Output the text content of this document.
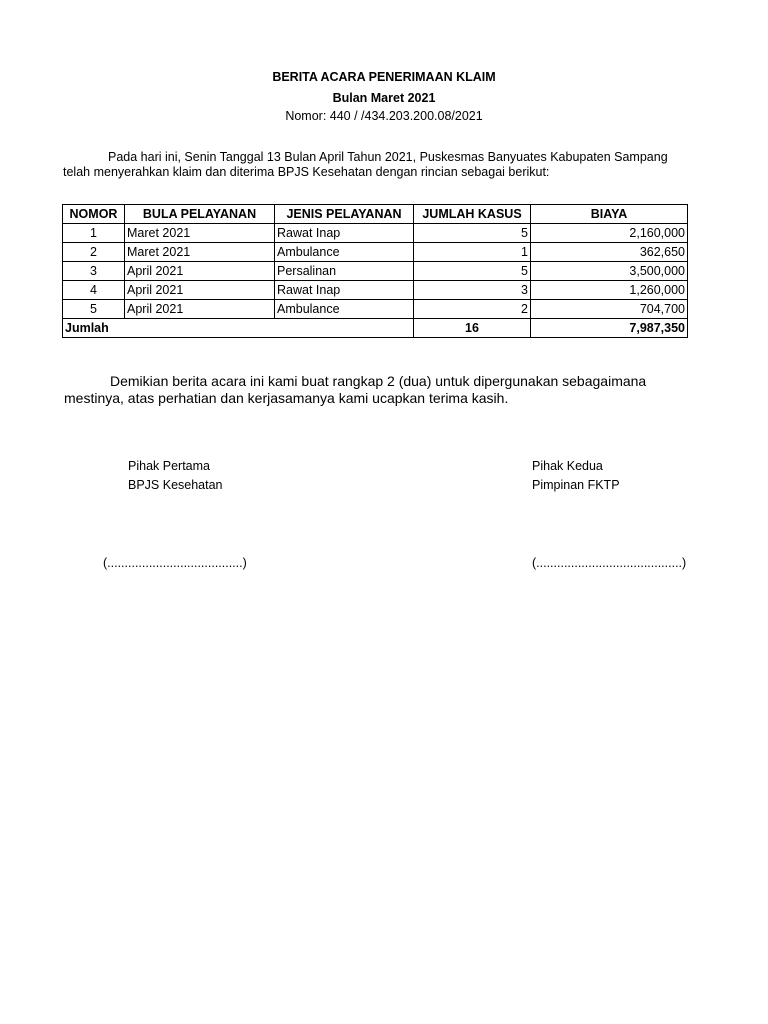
BERITA ACARA PENERIMAAN KLAIM
Bulan Maret 2021
Nomor: 440 / /434.203.200.08/2021
Pada hari ini, Senin Tanggal 13 Bulan April Tahun 2021, Puskesmas Banyuates Kabupaten Sampang
telah menyerahkan klaim dan diterima BPJS Kesehatan dengan rincian sebagai berikut:
NOMOR	BULA PELAYANAN	JENIS PELAYANAN	JUMLAH KASUS	BIAYA
1	Maret 2021	Rawat Inap	5	2,160,000
2	Maret 2021	Ambulance	1	362,650
3	April 2021	Persalinan	5	3,500,000
4	April 2021	Rawat Inap	3	1,260,000
5	April 2021	Ambulance	2	704,700
Jumlah			16	7,987,350
Demikian berita acara ini kami buat rangkap 2 (dua) untuk dipergunakan sebagaimana
mestinya, atas perhatian dan kerjasamanya kami ucapkan terima kasih.
Pihak Pertama
BPJS Kesehatan
Pihak Kedua
Pimpinan FKTP
(.......................................)	(..........................................)
